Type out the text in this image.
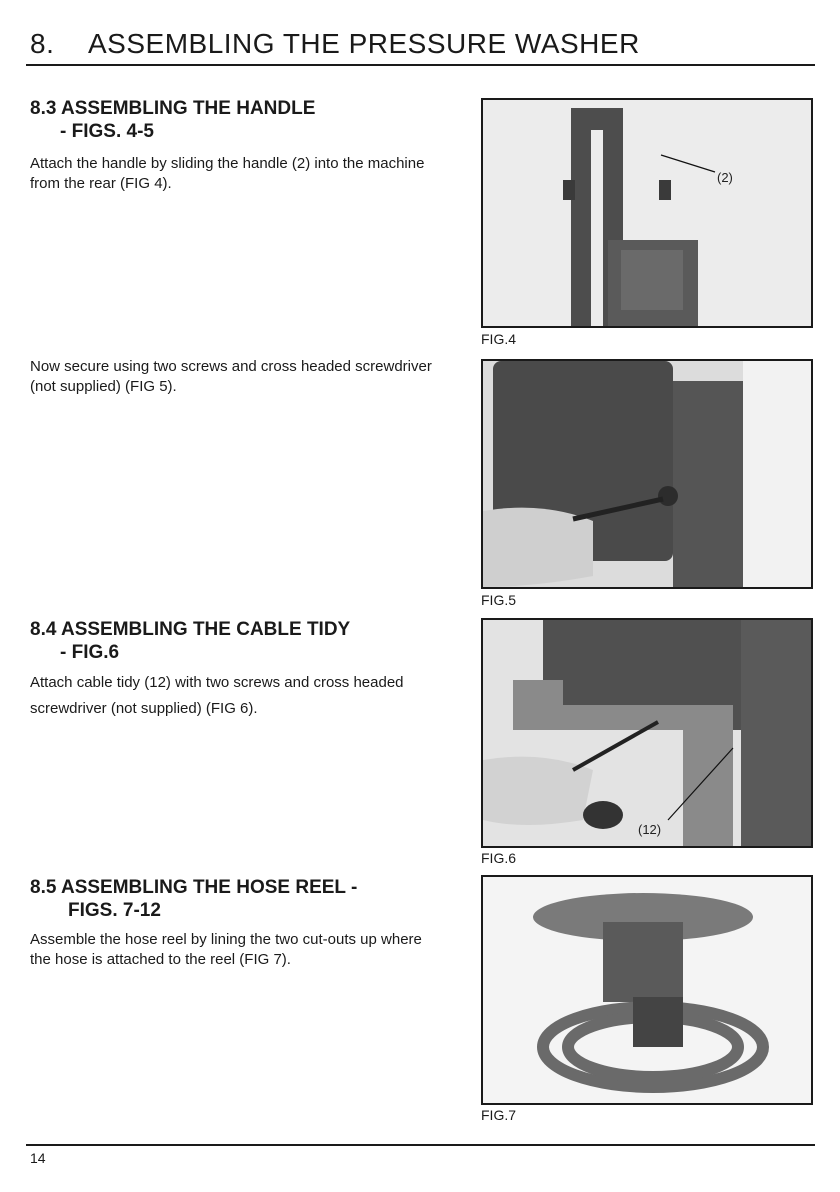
8. ASSEMBLING THE PRESSURE WASHER
8.3 ASSEMBLING THE HANDLE
- FIGS. 4-5
Attach the handle by sliding the handle (2) into the machine from the rear (FIG 4).
Now secure using two screws and cross headed screwdriver (not supplied) (FIG 5).
8.4 ASSEMBLING THE CABLE TIDY
- FIG.6
Attach cable tidy (12) with two screws and cross headed screwdriver (not supplied) (FIG 6).
8.5 ASSEMBLING THE HOSE REEL -
FIGS. 7-12
Assemble the hose reel by lining the two cut-outs up where the hose is attached to the reel (FIG 7).
(2)
FIG.4
FIG.5
(12)
FIG.6
FIG.7
14
